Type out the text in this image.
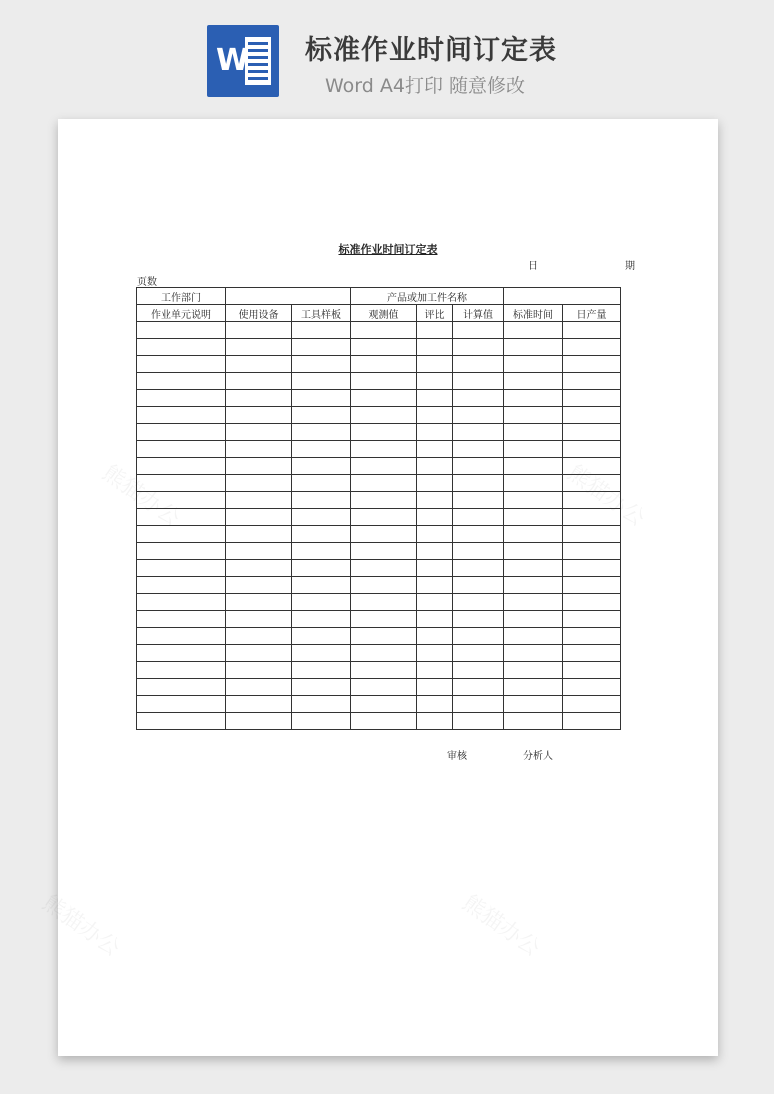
W 标准作业时间订定表
Word A4打印 随意修改
标准作业时间订定表
日	期
页数
工作部门			产品或加工件名称				
作业单元说明	使用设备	工具样板	观测值	评比	计算值	标准时间	日产量

审核	分析人
